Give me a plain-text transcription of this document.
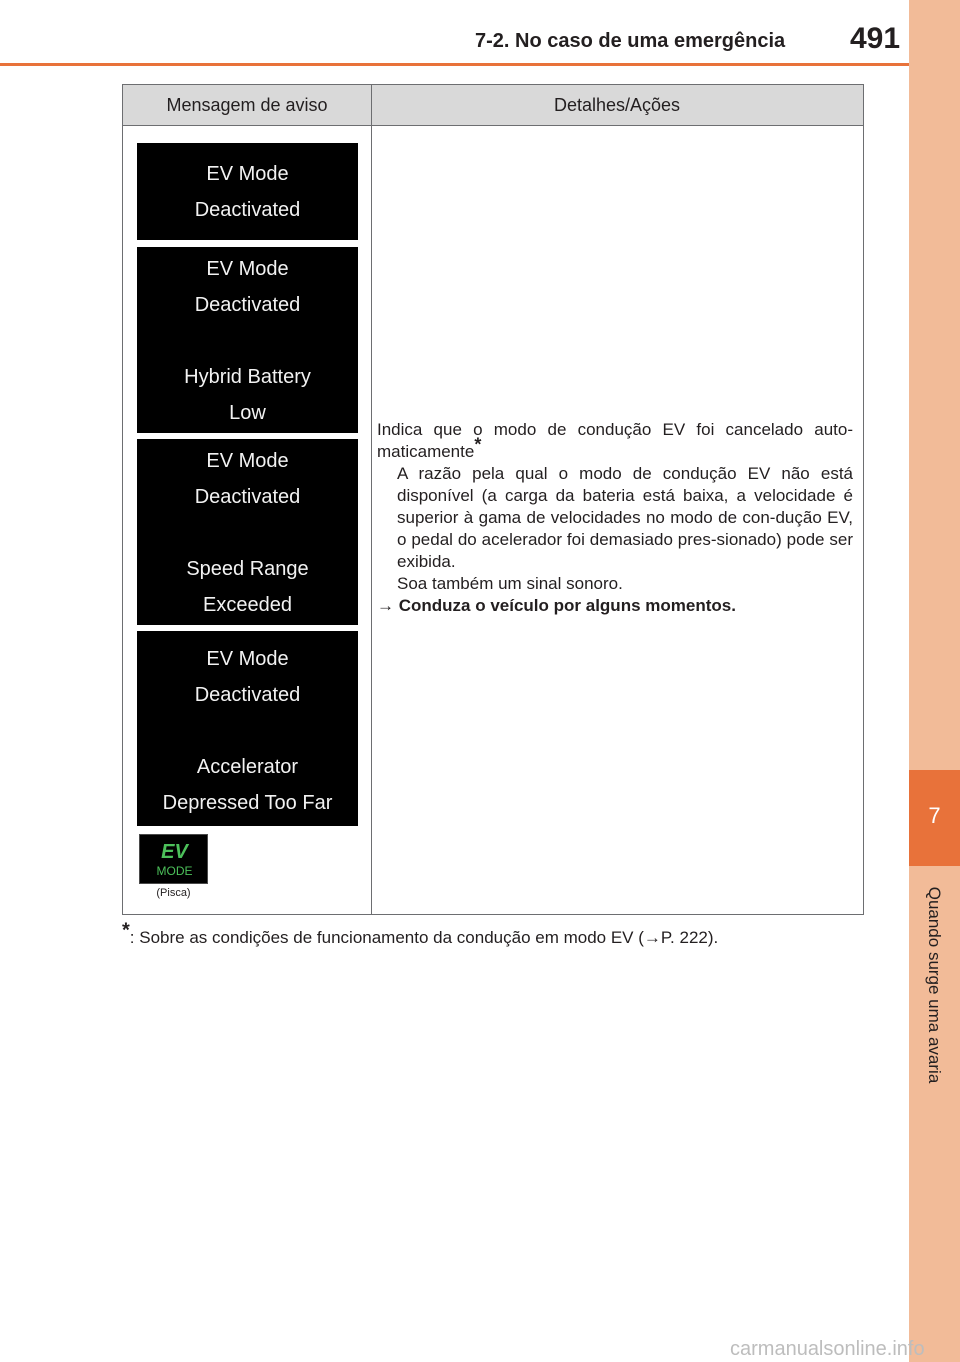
7
Quando surge uma avaria
7-2. No caso de uma emergência 491
Mensagem de aviso	Detalhes/Ações
EV Mode
Deactivated
EV Mode
Deactivated
Hybrid Battery
Low
EV Mode
Deactivated
Speed Range
Exceeded
EV Mode
Deactivated
Accelerator
Depressed Too Far
EV
MODE
(Pisca)

Indica que o modo de condução EV foi cancelado auto-maticamente*

A razão pela qual o modo de condução EV não está disponível (a carga da bateria está baixa, a velocidade é superior à gama de velocidades no modo de con-dução EV, o pedal do acelerador foi demasiado pres-sionado) pode ser exibida.

Soa também um sinal sonoro.

→ Conduza o veículo por alguns momentos.

*: Sobre as condições de funcionamento da condução em modo EV (→P. 222).
carmanualsonline.info
